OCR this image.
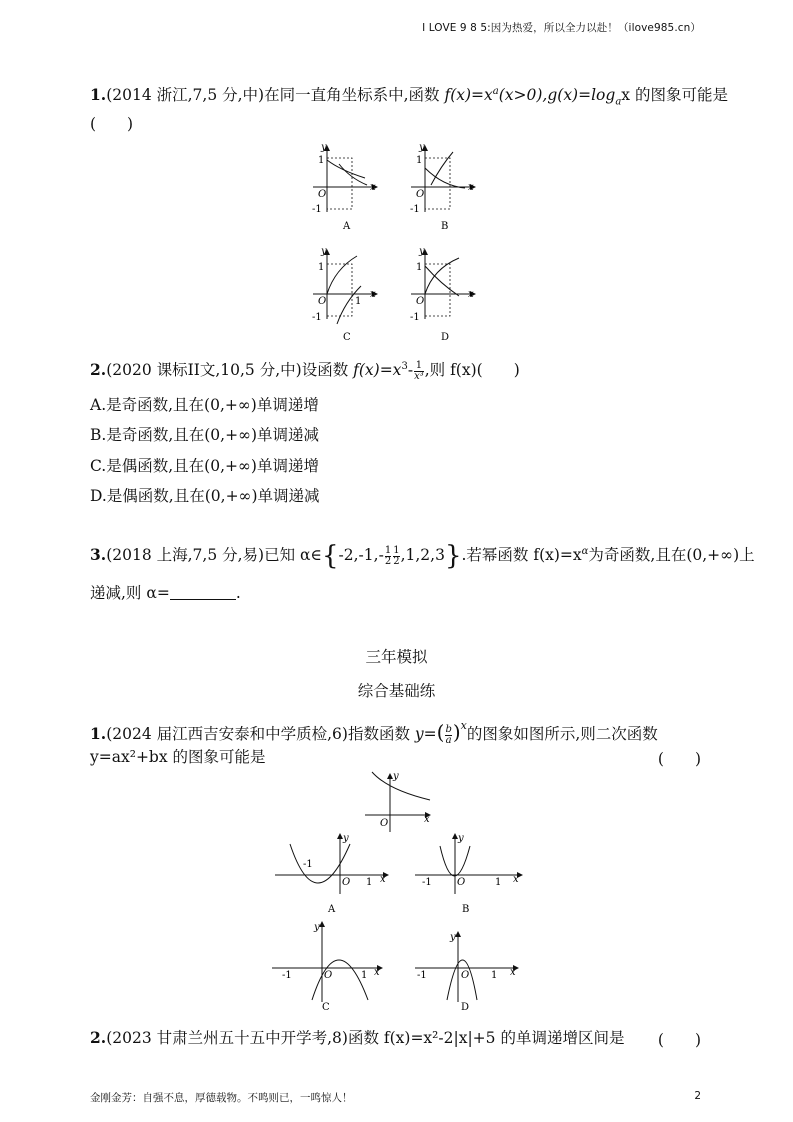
I LOVE 9 8 5:因为热爱，所以全力以赴！（ilove985.cn）
1.(2014 浙江,7,5 分,中)在同一直角坐标系中,函数 $f(x)=x^a(x>0),g(x)=\log_ax$ 的图象可能是
(　　)
y
1
O
-1
x
A
y
1
O
-1
x
B
y
1
O
-1
1
x
C
y
1
O
-1
x
D
2.(2020 课标II文,10,5 分,中)设函数 $f(x)=x^3- \frac{1}{\text{x³}}$ ,则 f(x)(　　)
A.是奇函数,且在(0,+∞)单调递增
B.是奇函数,且在(0,+∞)单调递减
C.是偶函数,且在(0,+∞)单调递增
D.是偶函数,且在(0,+∞)单调递减
3.(2018 上海,7,5 分,易)已知 α∈{-2,-1,- $\frac{1}{2} \frac{1}{2} ,1,2,3$}.若幂函数 $f(x)=x^\alpha$为奇函数,且在(0,+∞)上
递减,则 α=	.
三年模拟
综合基础练
1.(2024 届江西吉安泰和中学质检,6)指数函数 $y=( \frac{b}{a} )^x$的图象如图所示,则二次函数
y=ax²+bx 的图象可能是	(　　)
y
O	x
y
-1
O 1 x
A
y
-1	O	1 x
B
y
-1	O	1 x
C
y
-1	O 1 x
D
2.(2023 甘肃兰州五十五中开学考,8)函数 f(x)=x²-2|x|+5 的单调递增区间是 (　　)
金刚金芳：自强不息，厚德载物。不鸣则已，一鸣惊人！	2
